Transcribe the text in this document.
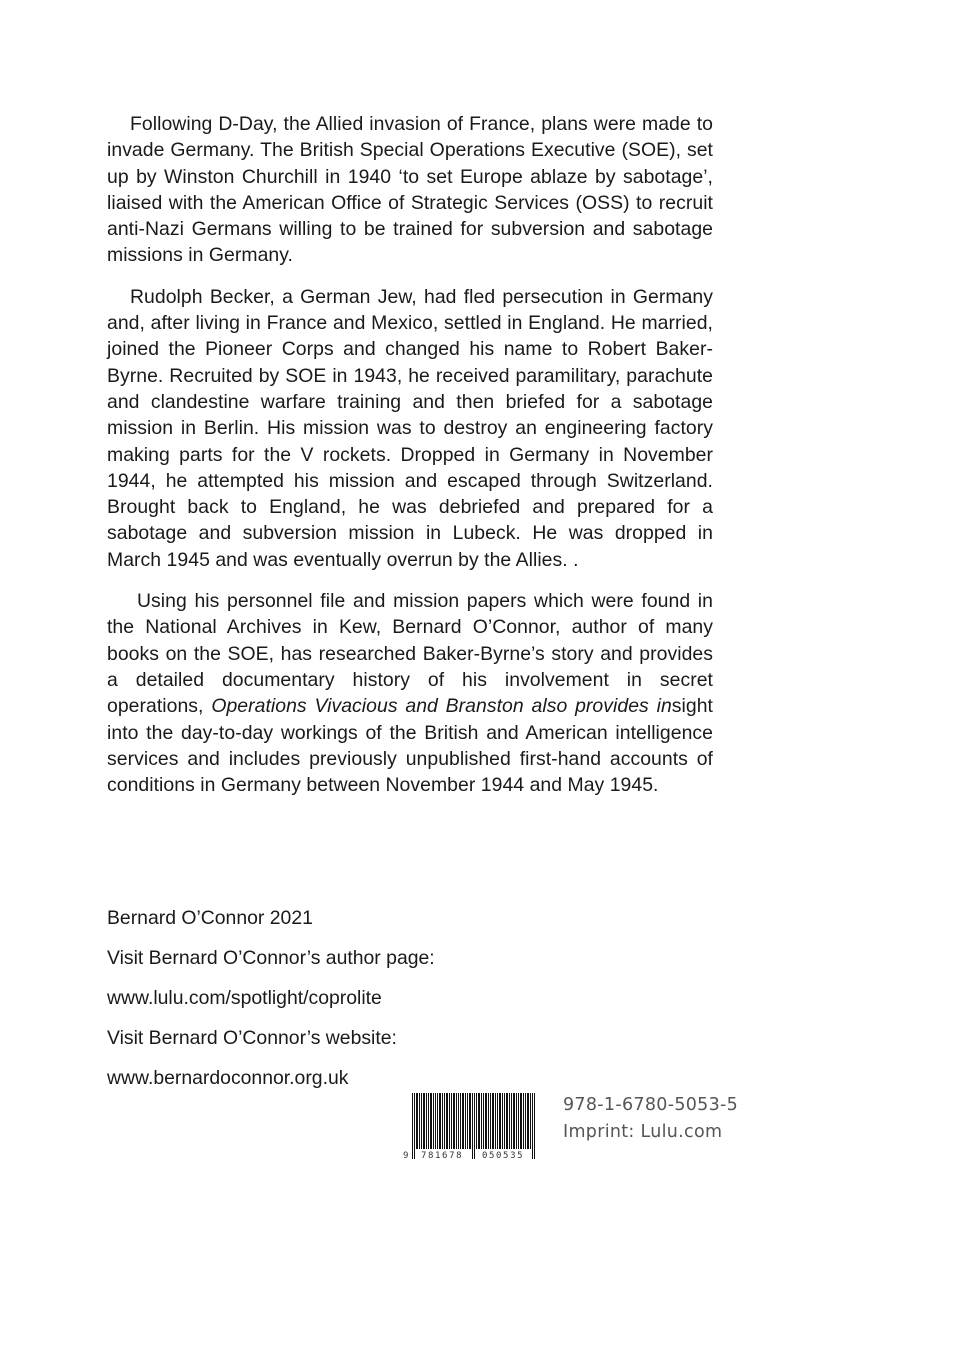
Following D-Day, the Allied invasion of France, plans were made to invade Germany. The British Special Operations Executive (SOE), set up by Winston Churchill in 1940 ‘to set Europe ablaze by sabotage’, liaised with the American Office of Strategic Services (OSS) to recruit anti-Nazi Germans willing to be trained for subversion and sabotage missions in Germany.

Rudolph Becker, a German Jew, had fled persecution in Germany and, after living in France and Mexico, settled in England. He married, joined the Pioneer Corps and changed his name to Robert Baker-Byrne. Recruited by SOE in 1943, he received paramilitary, parachute and clandestine warfare training and then briefed for a sabotage mission in Berlin. His mission was to destroy an engineering factory making parts for the V rockets. Dropped in Germany in November 1944, he attempted his mission and escaped through Switzerland. Brought back to England, he was debriefed and prepared for a sabotage and subversion mission in Lubeck. He was dropped in March 1945 and was eventually overrun by the Allies. .

Using his personnel file and mission papers which were found in the National Archives in Kew, Bernard O’Connor, author of many books on the SOE, has researched Baker-Byrne’s story and provides a detailed documentary history of his involvement in secret operations, Operations Vivacious and Branston also provides insight into the day-to-day workings of the British and American intelligence services and includes previously unpublished first-hand accounts of conditions in Germany between November 1944 and May 1945.

Bernard O’Connor 2021

Visit Bernard O’Connor’s author page:

www.lulu.com/spotlight/coprolite

Visit Bernard O’Connor’s website:

www.bernardoconnor.org.uk

9 781678 050535
978-1-6780-5053-5
Imprint: Lulu.com
